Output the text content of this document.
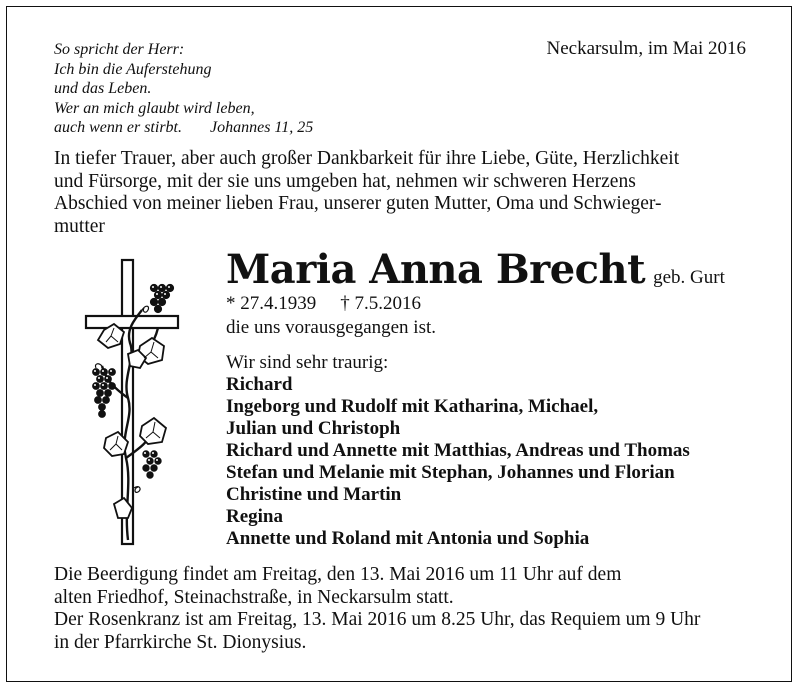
So spricht der Herr:
Ich bin die Auferstehung
und das Leben.
Wer an mich glaubt wird leben,
auch wenn er stirbt. Johannes 11, 25
Neckarsulm, im Mai 2016
In tiefer Trauer, aber auch großer Dankbarkeit für ihre Liebe, Güte, Herzlichkeit
und Fürsorge, mit der sie uns umgeben hat, nehmen wir schweren Herzens
Abschied von meiner lieben Frau, unserer guten Mutter, Oma und Schwieger-
mutter
Maria Anna Brecht geb. Gurt
* 27.4.1939 † 7.5.2016
die uns vorausgegangen ist.
Wir sind sehr traurig:
Richard
Ingeborg und Rudolf mit Katharina, Michael,
Julian und Christoph
Richard und Annette mit Matthias, Andreas und Thomas
Stefan und Melanie mit Stephan, Johannes und Florian
Christine und Martin
Regina
Annette und Roland mit Antonia und Sophia
Die Beerdigung findet am Freitag, den 13. Mai 2016 um 11 Uhr auf dem
alten Friedhof, Steinachstraße, in Neckarsulm statt.
Der Rosenkranz ist am Freitag, 13. Mai 2016 um 8.25 Uhr, das Requiem um 9 Uhr
in der Pfarrkirche St. Dionysius.
